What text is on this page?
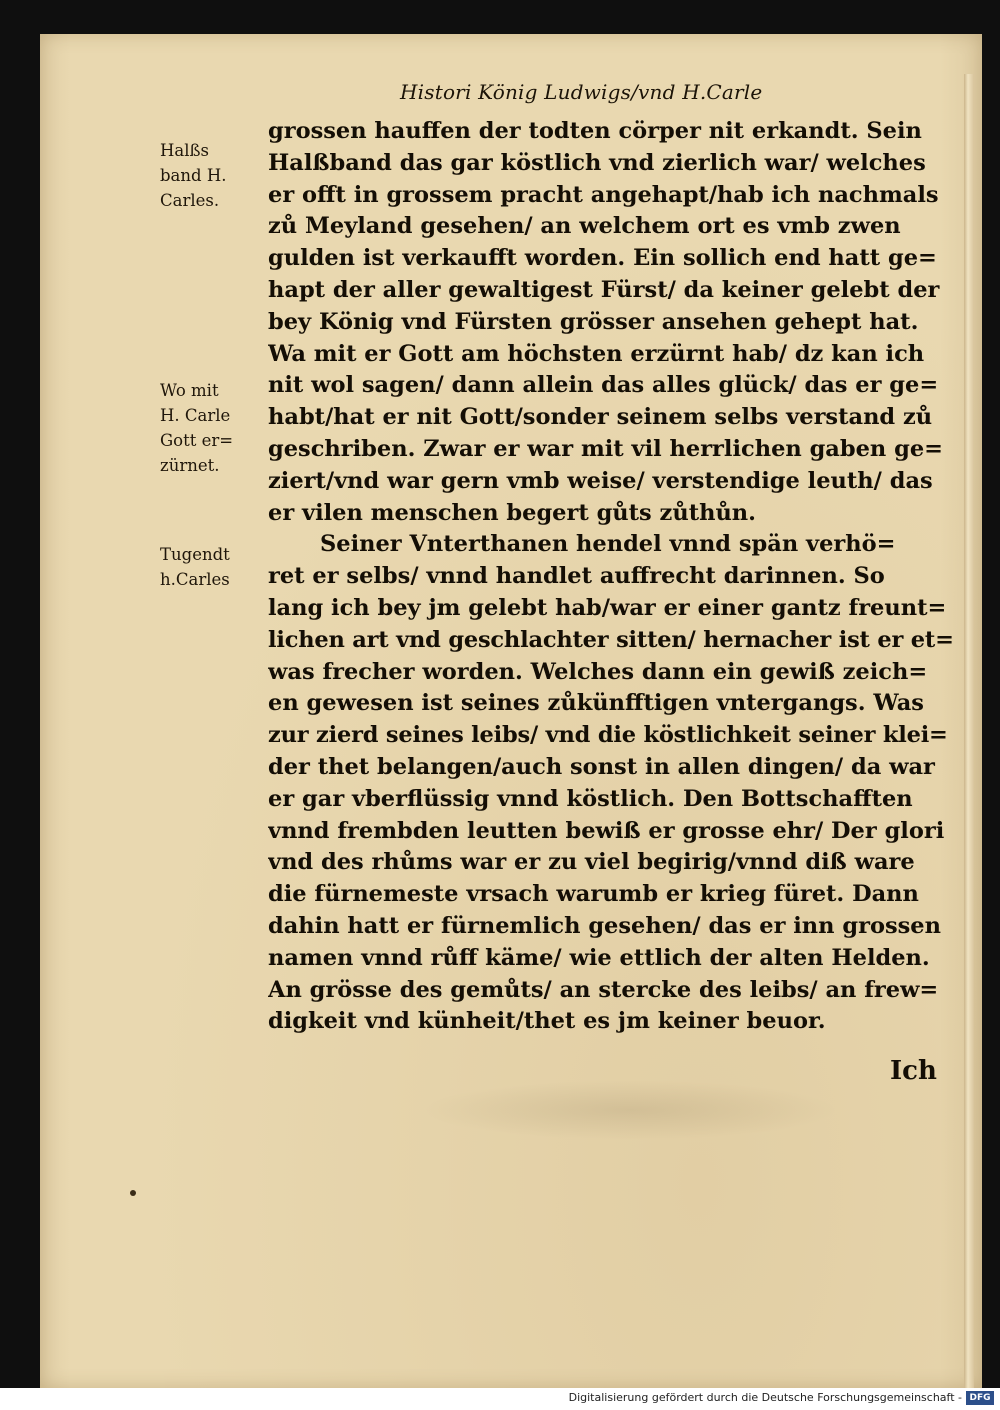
Histori König Ludwigs/vnd H.Carle
Halßs
band H.
Carles.
Wo mit
H. Carle
Gott er=
zürnet.
Tugendt
h.Carles
grossen hauffen der todten cörper nit erkandt. Sein
Halßband das gar köstlich vnd zierlich war/ welches
er offt in grossem pracht angehapt/hab ich nachmals
zů Meyland gesehen/ an welchem ort es vmb zwen
gulden ist verkaufft worden. Ein sollich end hatt ge=
hapt der aller gewaltigest Fürst/ da keiner gelebt der
bey König vnd Fürsten grösser ansehen gehept hat.
Wa mit er Gott am höchsten erzürnt hab/ dz kan ich
nit wol sagen/ dann allein das alles glück/ das er ge=
habt/hat er nit Gott/sonder seinem selbs verstand zů
geschriben. Zwar er war mit vil herrlichen gaben ge=
ziert/vnd war gern vmb weise/ verstendige leuth/ das
er vilen menschen begert gůts zůthůn.
Seiner Vnterthanen hendel vnnd spän verhö=
ret er selbs/ vnnd handlet auffrecht darinnen. So
lang ich bey jm gelebt hab/war er einer gantz freunt=
lichen art vnd geschlachter sitten/ hernacher ist er et=
was frecher worden. Welches dann ein gewiß zeich=
en gewesen ist seines zůkünfftigen vntergangs. Was
zur zierd seines leibs/ vnd die köstlichkeit seiner klei=
der thet belangen/auch sonst in allen dingen/ da war
er gar vberflüssig vnnd köstlich. Den Bottschafften
vnnd frembden leutten bewiß er grosse ehr/ Der glori
vnd des rhůms war er zu viel begirig/vnnd diß ware
die fürnemeste vrsach warumb er krieg füret. Dann
dahin hatt er fürnemlich gesehen/ das er inn grossen
namen vnnd růff käme/ wie ettlich der alten Helden.
An grösse des gemůts/ an stercke des leibs/ an frew=
digkeit vnd künheit/thet es jm keiner beuor.
Ich
Digitalisierung gefördert durch die Deutsche Forschungsgemeinschaft - DFG
